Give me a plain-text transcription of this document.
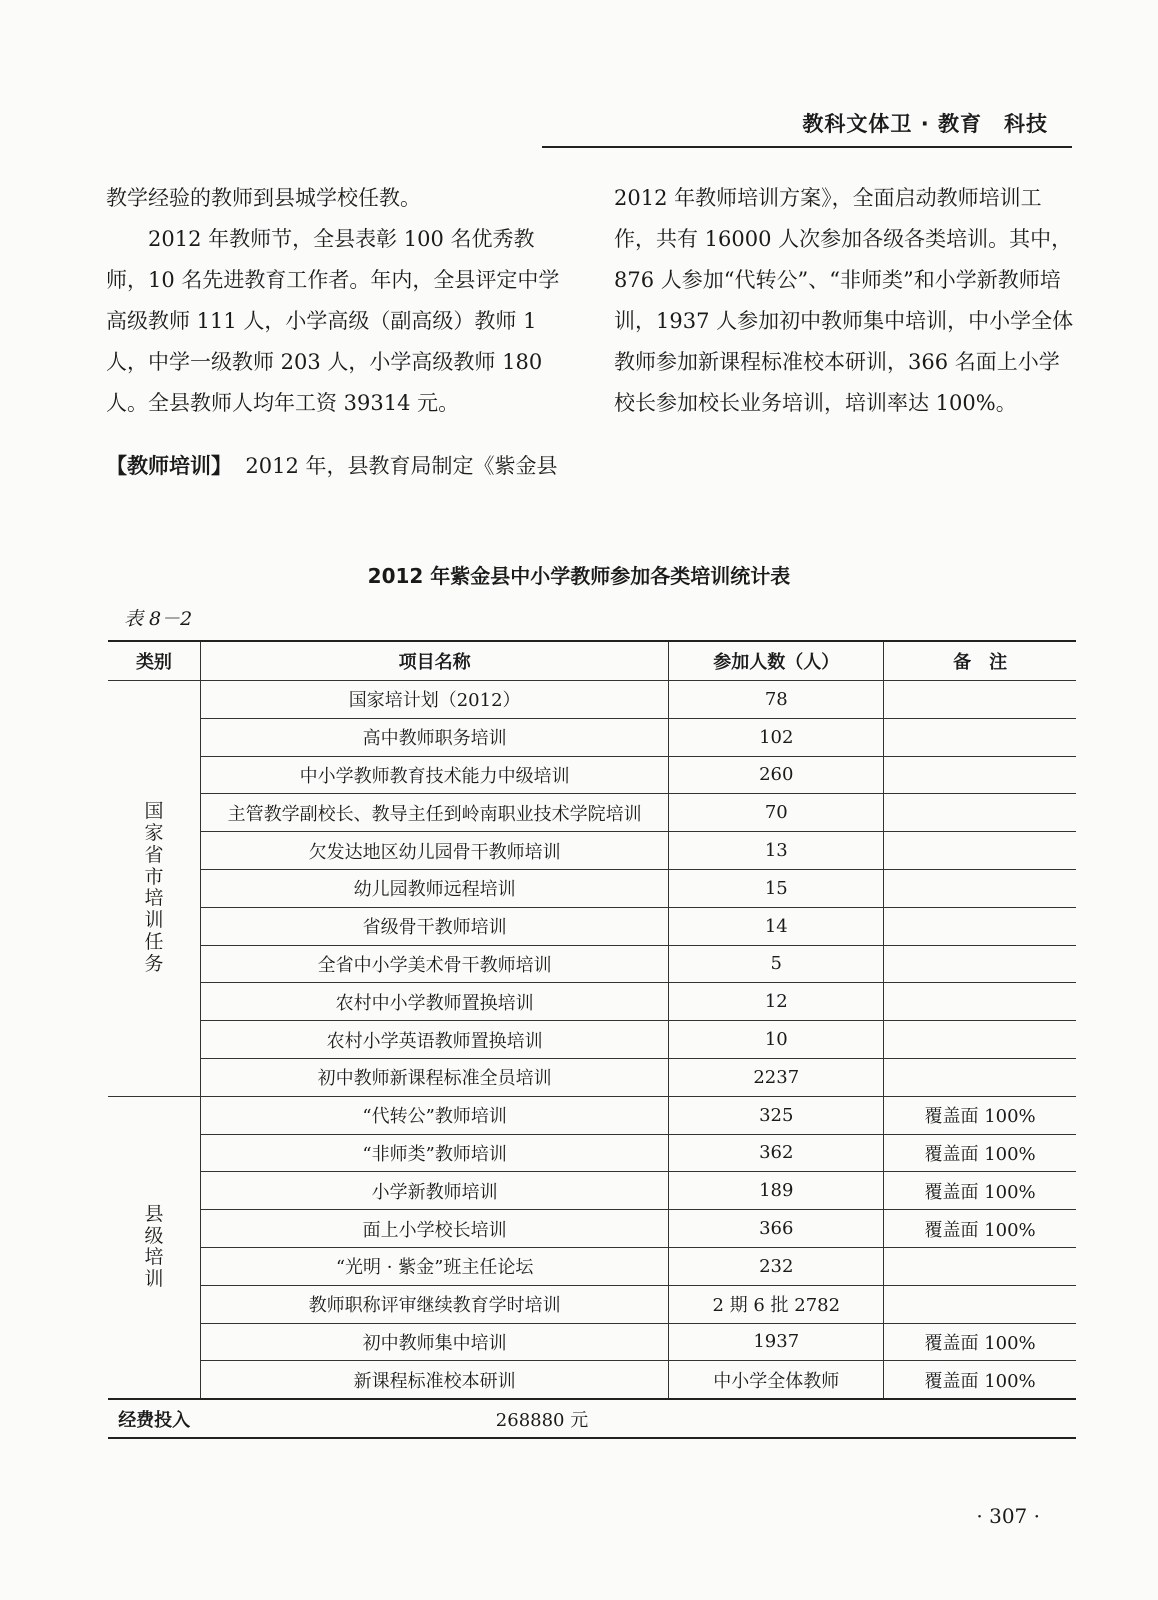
教科文体卫 · 教育 科技

教学经验的教师到县城学校任教。

2012 年教师节，全县表彰 100 名优秀教师，10 名先进教育工作者。年内，全县评定中学高级教师 111 人，小学高级（副高级）教师 1 人，中学一级教师 203 人，小学高级教师 180 人。全县教师人均年工资 39314 元。

【教师培训】 2012 年，县教育局制定《紫金县

2012 年教师培训方案》，全面启动教师培训工作，共有 16000 人次参加各级各类培训。其中，876 人参加“代转公”、“非师类”和小学新教师培训，1937 人参加初中教师集中培训，中小学全体教师参加新课程标准校本研训，366 名面上小学校长参加校长业务培训，培训率达 100%。

2012 年紫金县中小学教师参加各类培训统计表
表 8－2
类别	项目名称	参加人数（人）	备　注
国家省市培训任务	国家培计划（2012）	78	
	高中教师职务培训	102	
	中小学教师教育技术能力中级培训	260	
	主管教学副校长、教导主任到岭南职业技术学院培训	70	
	欠发达地区幼儿园骨干教师培训	13	
	幼儿园教师远程培训	15	
	省级骨干教师培训	14	
	全省中小学美术骨干教师培训	5	
	农村中小学教师置换培训	12	
	农村小学英语教师置换培训	10	
	初中教师新课程标准全员培训	2237	
县级培训	“代转公”教师培训	325	覆盖面 100%
	“非师类”教师培训	362	覆盖面 100%
	小学新教师培训	189	覆盖面 100%
	面上小学校长培训	366	覆盖面 100%
	“光明 · 紫金”班主任论坛	232	
	教师职称评审继续教育学时培训	2 期 6 批 2782	
	初中教师集中培训	1937	覆盖面 100%
	新课程标准校本研训	中小学全体教师	覆盖面 100%
经费投入	268880 元		
· 307 ·
